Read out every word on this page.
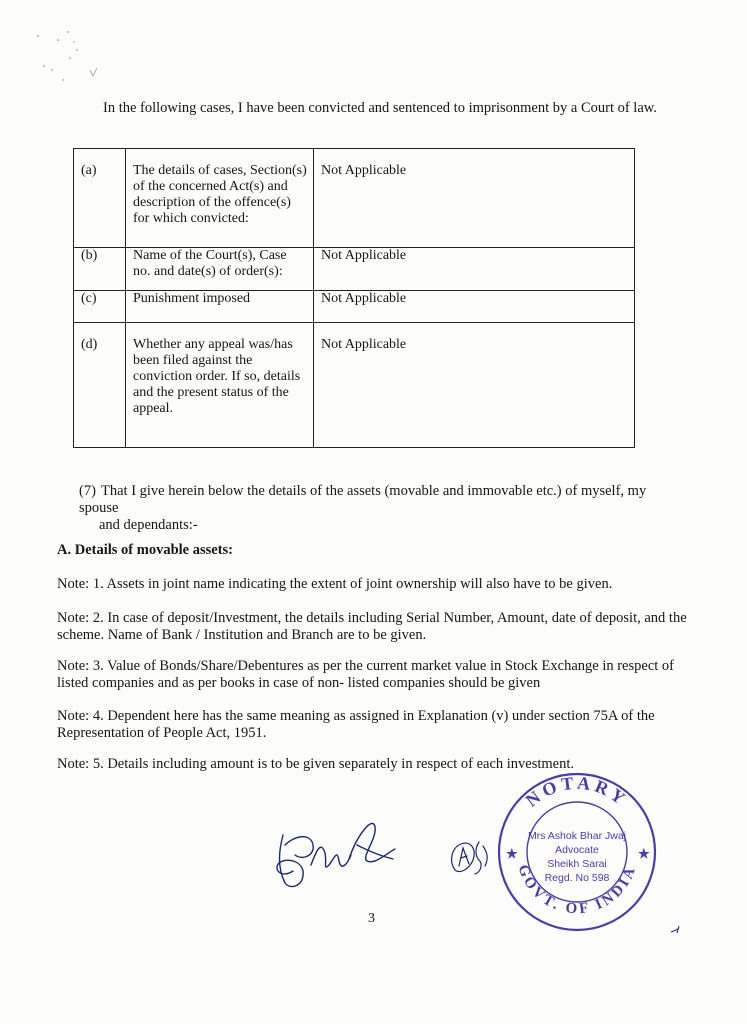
In the following cases, I have been convicted and sentenced to imprisonment by a Court of law.
(a)	The details of cases, Section(s) of the concerned Act(s) and description of the offence(s) for which convicted:	Not Applicable
(b)	Name of the Court(s), Case no. and date(s) of order(s):	Not Applicable
(c)	Punishment imposed	Not Applicable
(d)	Whether any appeal was/has been filed against the conviction order. If so, details and the present status of the appeal.	Not Applicable
(7) That I give herein below the details of the assets (movable and immovable etc.) of myself, my spouse
and dependants:-
A. Details of movable assets:
Note: 1. Assets in joint name indicating the extent of joint ownership will also have to be given.
Note: 2. In case of deposit/Investment, the details including Serial Number, Amount, date of deposit, and the scheme. Name of Bank / Institution and Branch are to be given.
Note: 3. Value of Bonds/Share/Debentures as per the current market value in Stock Exchange in respect of listed companies and as per books in case of non- listed companies should be given
Note: 4. Dependent here has the same meaning as assigned in Explanation (v) under section 75A of the Representation of People Act, 1951.
Note: 5. Details including amount is to be given separately in respect of each investment.
NOTARY
GOVT. OF INDIA
★	★
Mrs Ashok Bhar Jwaj
Advocate
Sheikh Sarai
Regd. No 598
3
